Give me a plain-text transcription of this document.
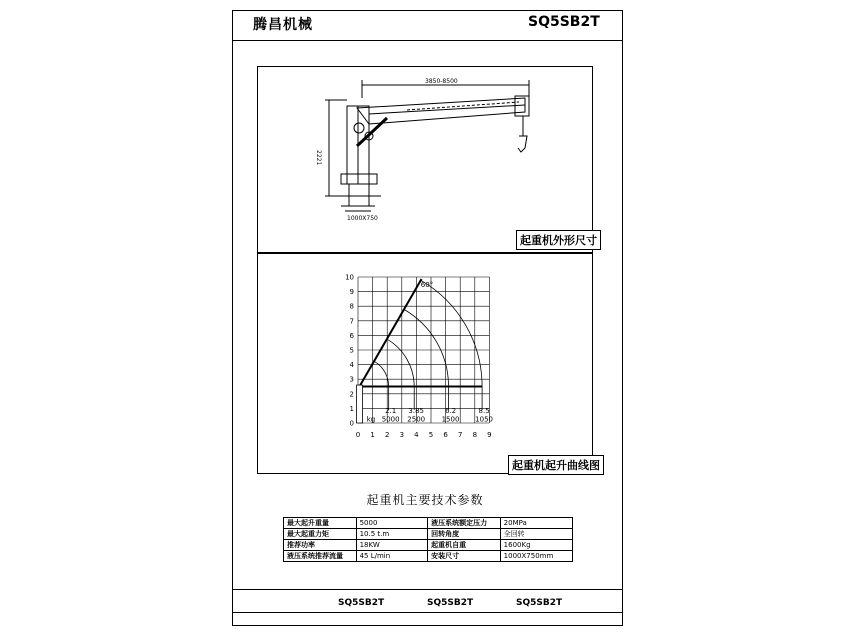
腾昌机械	SQ5SB2T
3850-8500
2221
1000X750
起重机外形尺寸
0 1 2 3 4 5 6 7 8 9
0
1
2
3
4
5
6
7
8
9
10
2.1
5000
3.85
2500
6.2
1500
8.5
1050
60°
kg
起重机起升曲线图
起重机主要技术参数
最大起升重量	5000	液压系统额定压力	20MPa
最大起重力矩	10.5 t.m	回转角度	全回转
推荐功率	18KW	起重机自重	1600Kg
液压系统推荐流量	45 L/min	安装尺寸	1000X750mm
SQ5SB2T	SQ5SB2T	SQ5SB2T
